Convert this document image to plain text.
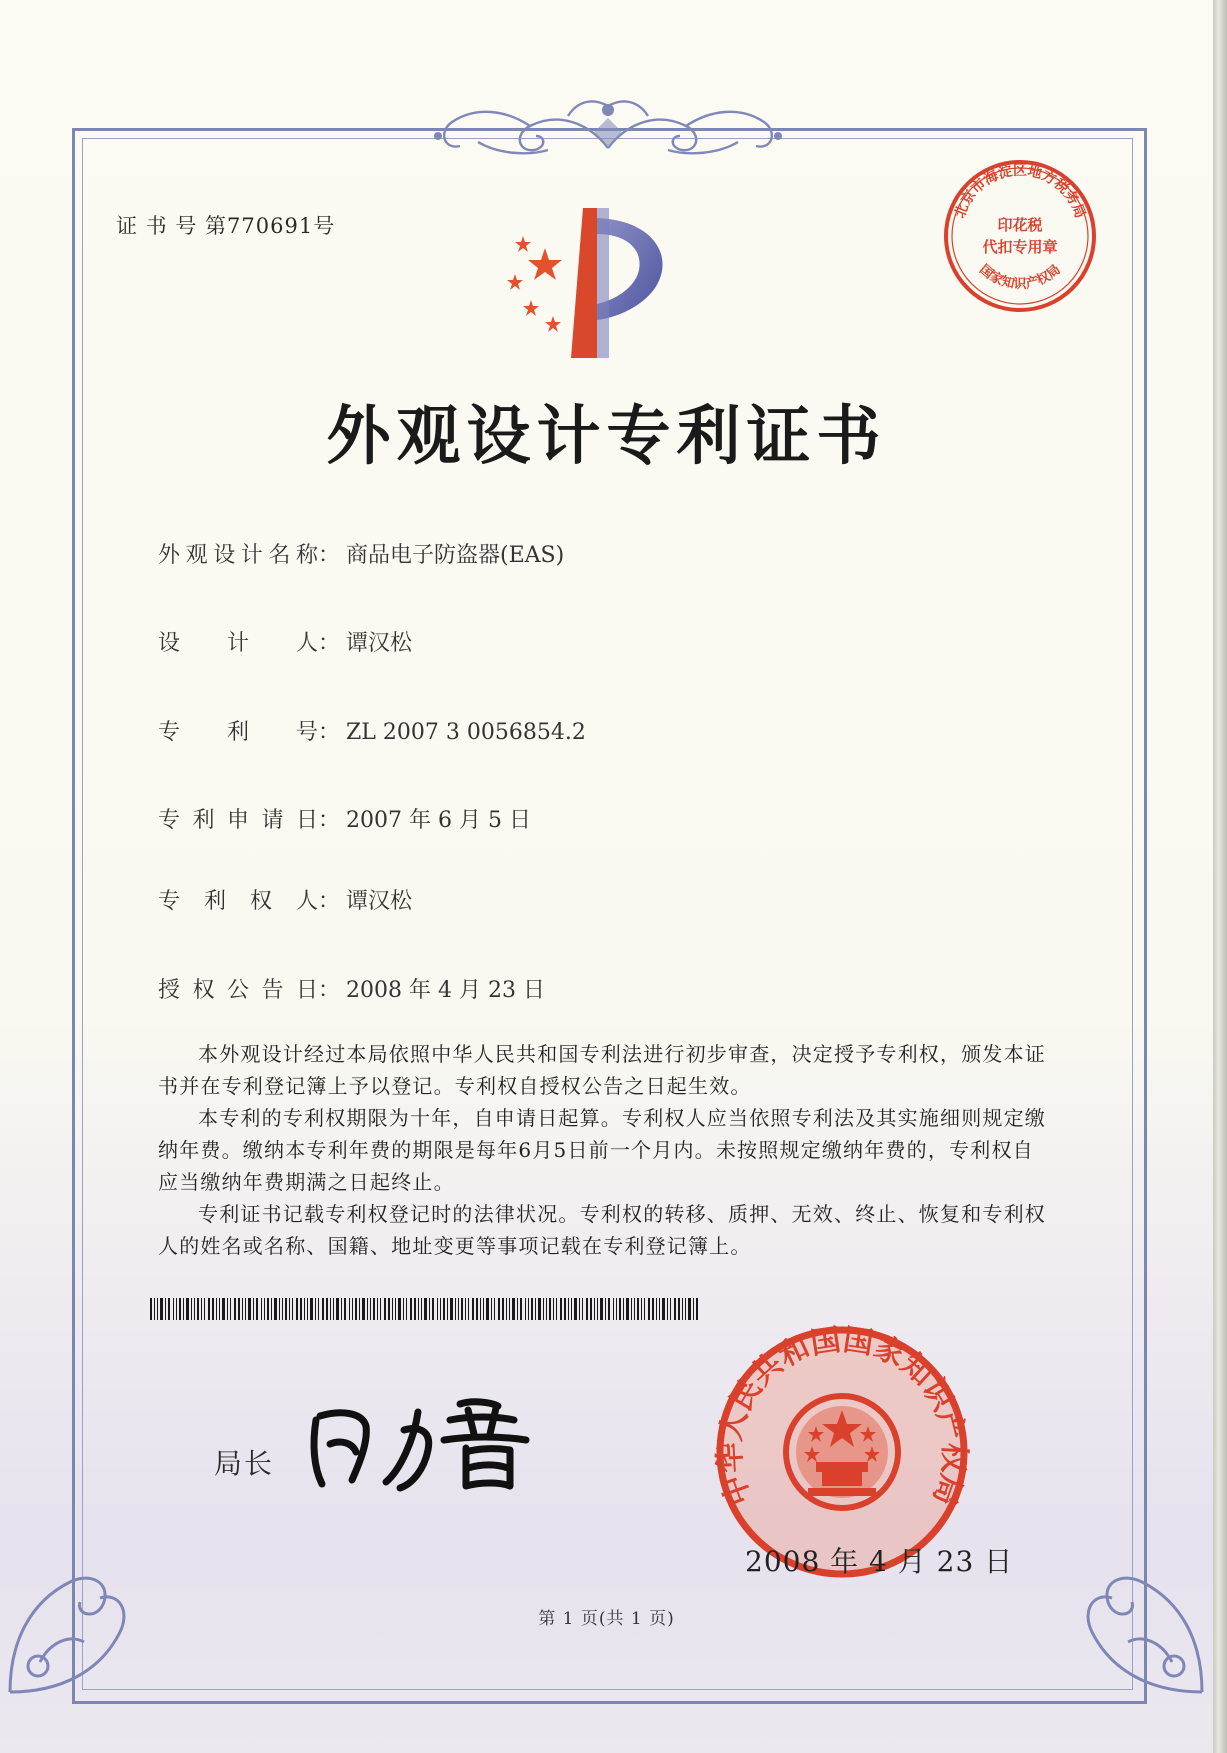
证 书 号 第770691号
北京市海淀区地方税务局
国家知识产权局
印花税
代扣专用章
外观设计专利证书
外观设计名称： 商品电子防盗器(EAS)
设计人： 谭汉松
专利号： ZL 2007 3 0056854.2
专利申请日： 2007 年 6 月 5 日
专利权人： 谭汉松
授权公告日： 2008 年 4 月 23 日

本外观设计经过本局依照中华人民共和国专利法进行初步审查，决定授予专利权，颁发本证书并在专利登记簿上予以登记。专利权自授权公告之日起生效。

本专利的专利权期限为十年，自申请日起算。专利权人应当依照专利法及其实施细则规定缴纳年费。缴纳本专利年费的期限是每年6月5日前一个月内。未按照规定缴纳年费的，专利权自应当缴纳年费期满之日起终止。

专利证书记载专利权登记时的法律状况。专利权的转移、质押、无效、终止、恢复和专利权人的姓名或名称、国籍、地址变更等事项记载在专利登记簿上。

局长
中华人民共和国国家知识产权局
2008 年 4 月 23 日
第 1 页(共 1 页)
